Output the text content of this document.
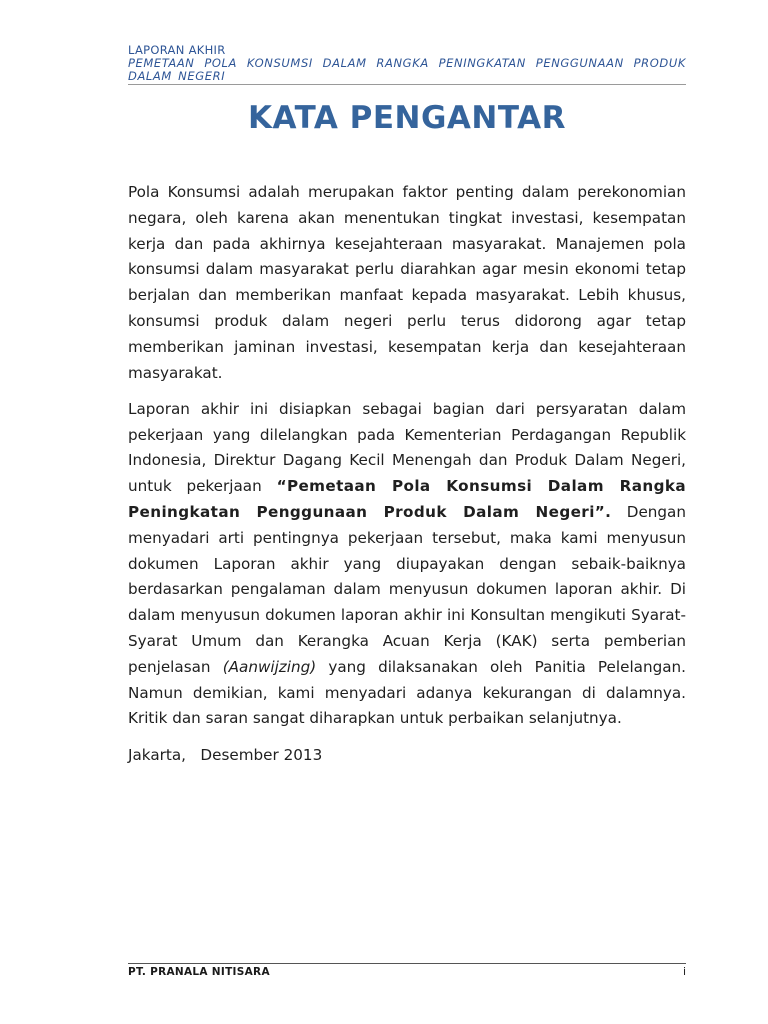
LAPORAN AKHIR
PEMETAAN POLA KONSUMSI DALAM RANGKA PENINGKATAN PENGGUNAAN PRODUK DALAM NEGERI
KATA PENGANTAR

Pola Konsumsi adalah merupakan faktor penting dalam perekonomian negara, oleh karena akan menentukan tingkat investasi, kesempatan kerja dan pada akhirnya kesejahteraan masyarakat. Manajemen pola konsumsi dalam masyarakat perlu diarahkan agar mesin ekonomi tetap berjalan dan memberikan manfaat kepada masyarakat. Lebih khusus, konsumsi produk dalam negeri perlu terus didorong agar tetap memberikan jaminan investasi, kesempatan kerja dan kesejahteraan masyarakat.

Laporan akhir ini disiapkan sebagai bagian dari persyaratan dalam pekerjaan yang dilelangkan pada Kementerian Perdagangan Republik Indonesia, Direktur Dagang Kecil Menengah dan Produk Dalam Negeri, untuk pekerjaan “Pemetaan Pola Konsumsi Dalam Rangka Peningkatan Penggunaan Produk Dalam Negeri”. Dengan menyadari arti pentingnya pekerjaan tersebut, maka kami menyusun dokumen Laporan akhir yang diupayakan dengan sebaik-baiknya berdasarkan pengalaman dalam menyusun dokumen laporan akhir. Di dalam menyusun dokumen laporan akhir ini Konsultan mengikuti Syarat-Syarat Umum dan Kerangka Acuan Kerja (KAK) serta pemberian penjelasan (Aanwijzing) yang dilaksanakan oleh Panitia Pelelangan. Namun demikian, kami menyadari adanya kekurangan di dalamnya. Kritik dan saran sangat diharapkan untuk perbaikan selanjutnya.

Jakarta,   Desember 2013

PT. PRANALA NITISARA	i
